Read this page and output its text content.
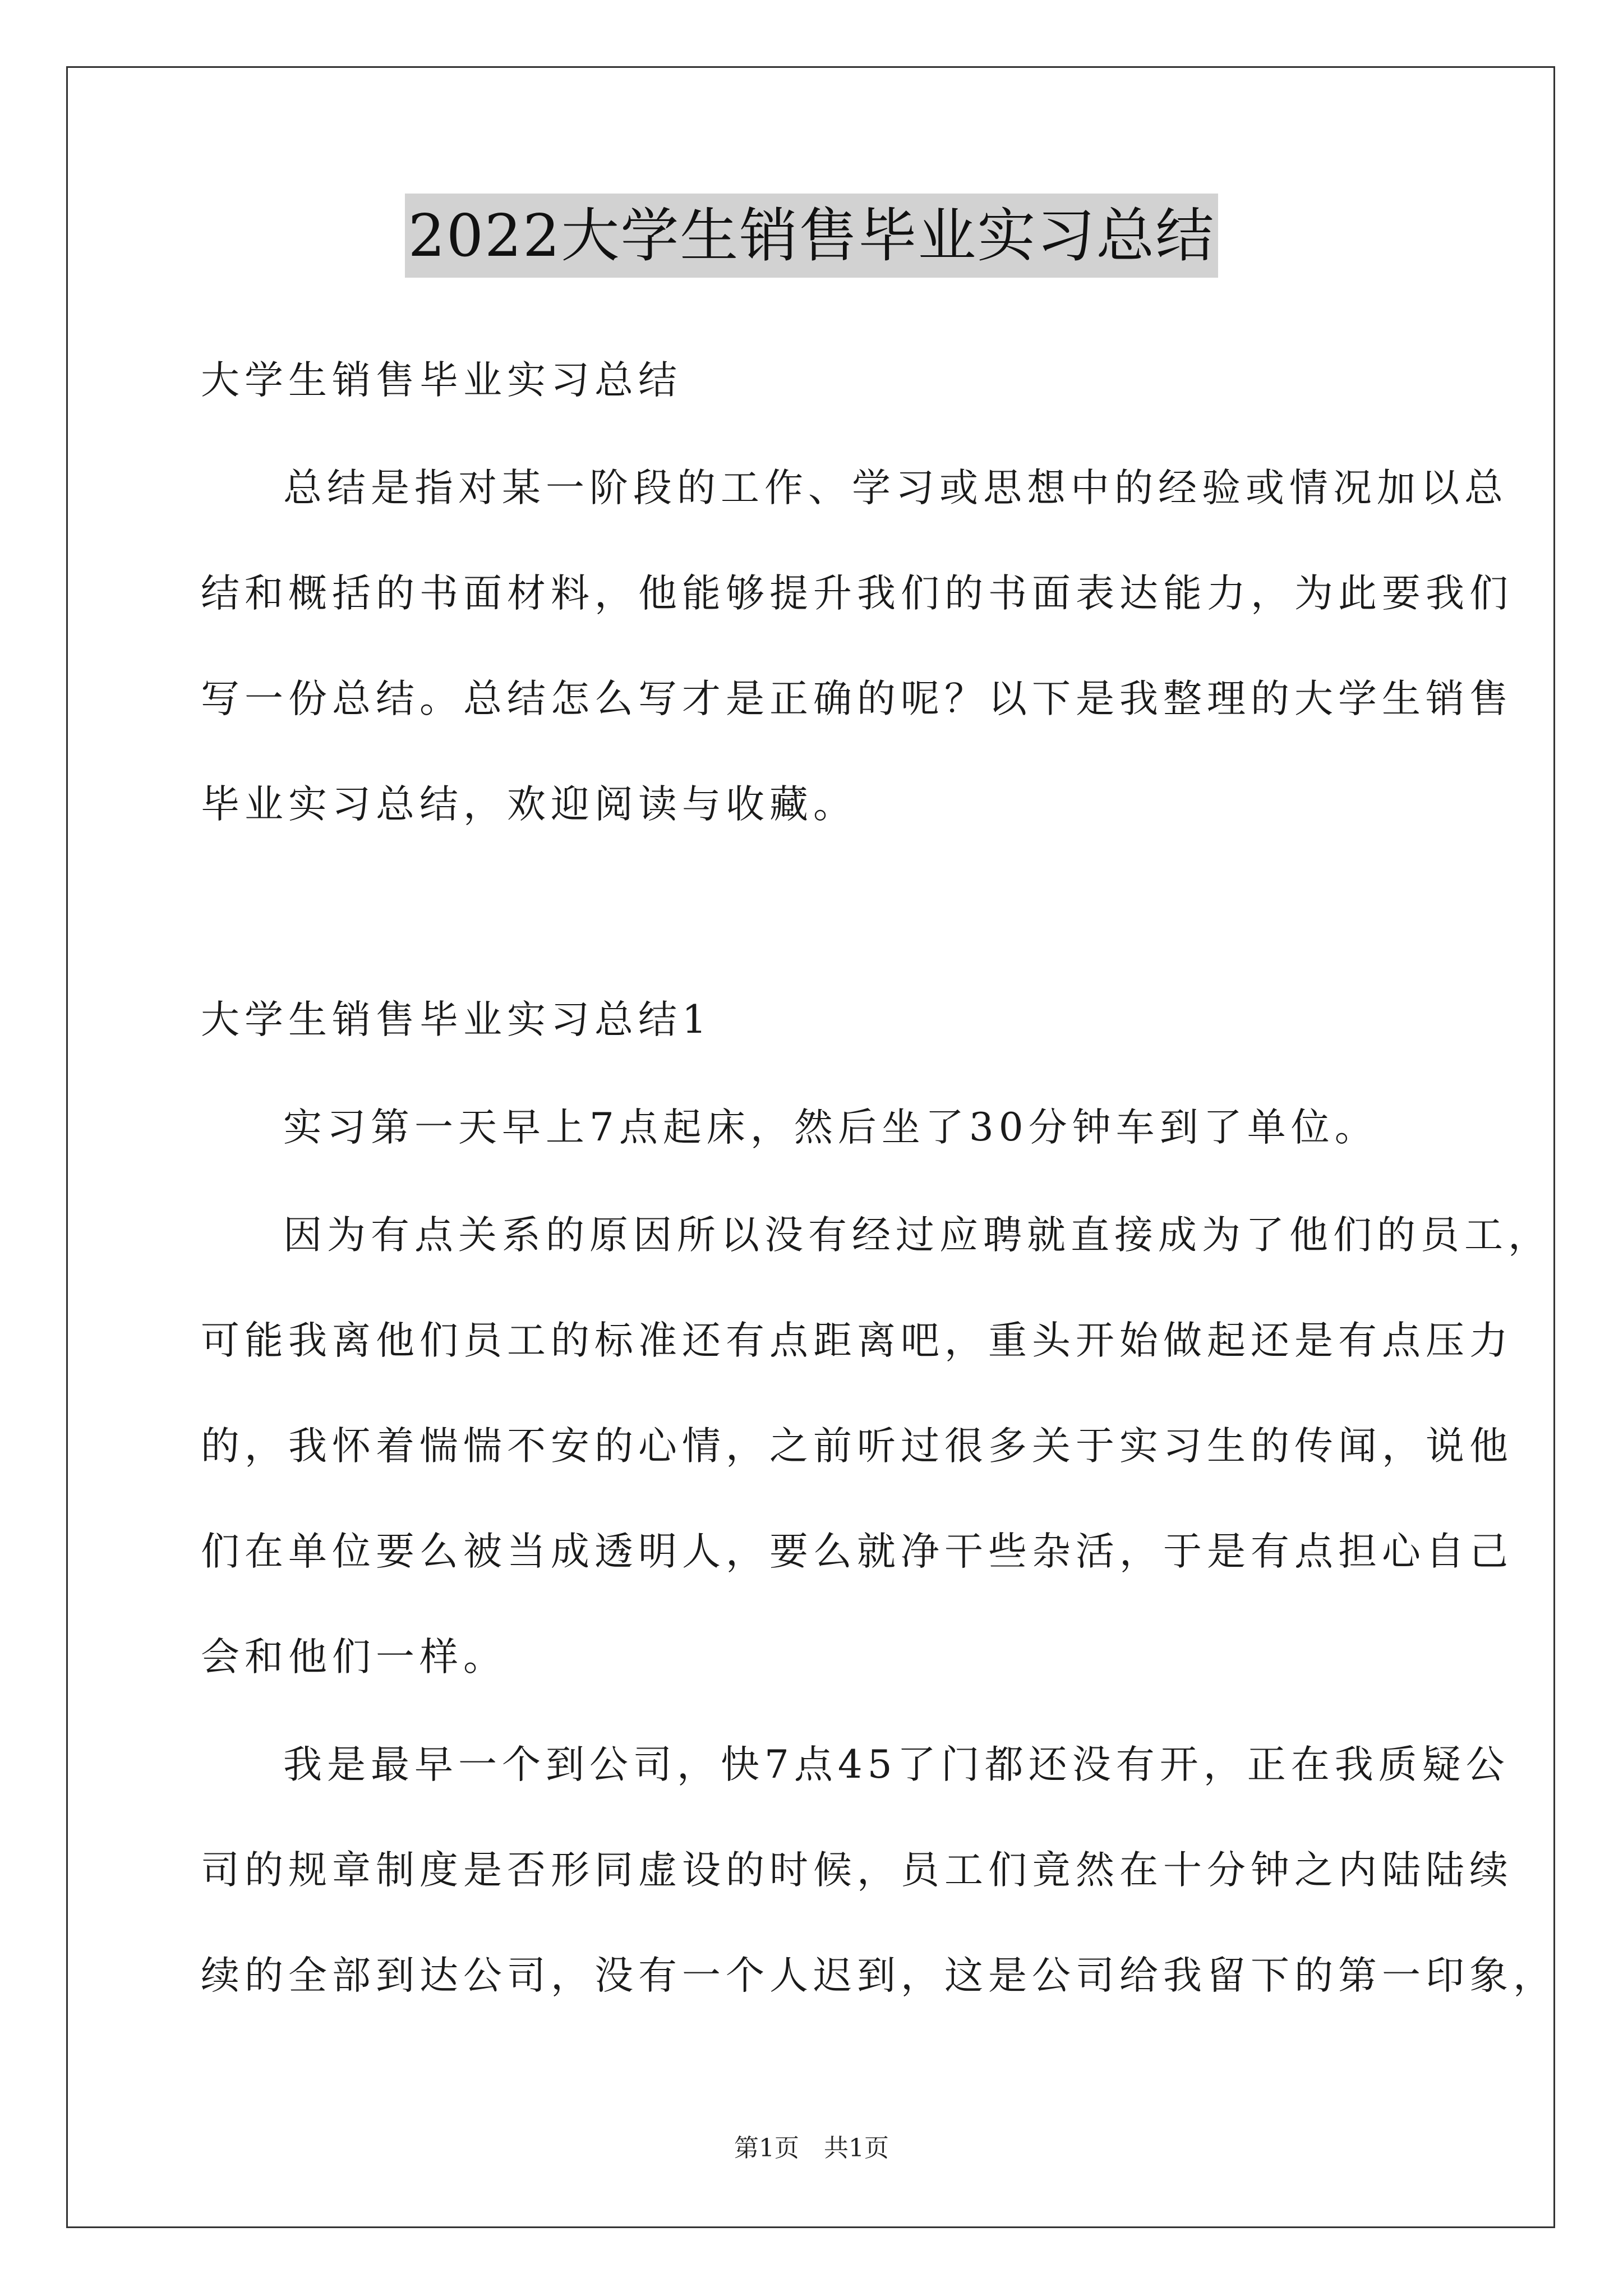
2022大学生销售毕业实习总结
大学生销售毕业实习总结
总结是指对某一阶段的工作、学习或思想中的经验或情况加以总
结和概括的书面材料，他能够提升我们的书面表达能力，为此要我们
写一份总结。总结怎么写才是正确的呢？以下是我整理的大学生销售
毕业实习总结，欢迎阅读与收藏。
大学生销售毕业实习总结1
实习第一天早上7点起床，然后坐了30分钟车到了单位。
因为有点关系的原因所以没有经过应聘就直接成为了他们的员工，
可能我离他们员工的标准还有点距离吧，重头开始做起还是有点压力
的，我怀着惴惴不安的心情，之前听过很多关于实习生的传闻，说他
们在单位要么被当成透明人，要么就净干些杂活，于是有点担心自己
会和他们一样。
我是最早一个到公司，快7点45了门都还没有开，正在我质疑公
司的规章制度是否形同虚设的时候，员工们竟然在十分钟之内陆陆续
续的全部到达公司，没有一个人迟到，这是公司给我留下的第一印象，
第1页　共1页
